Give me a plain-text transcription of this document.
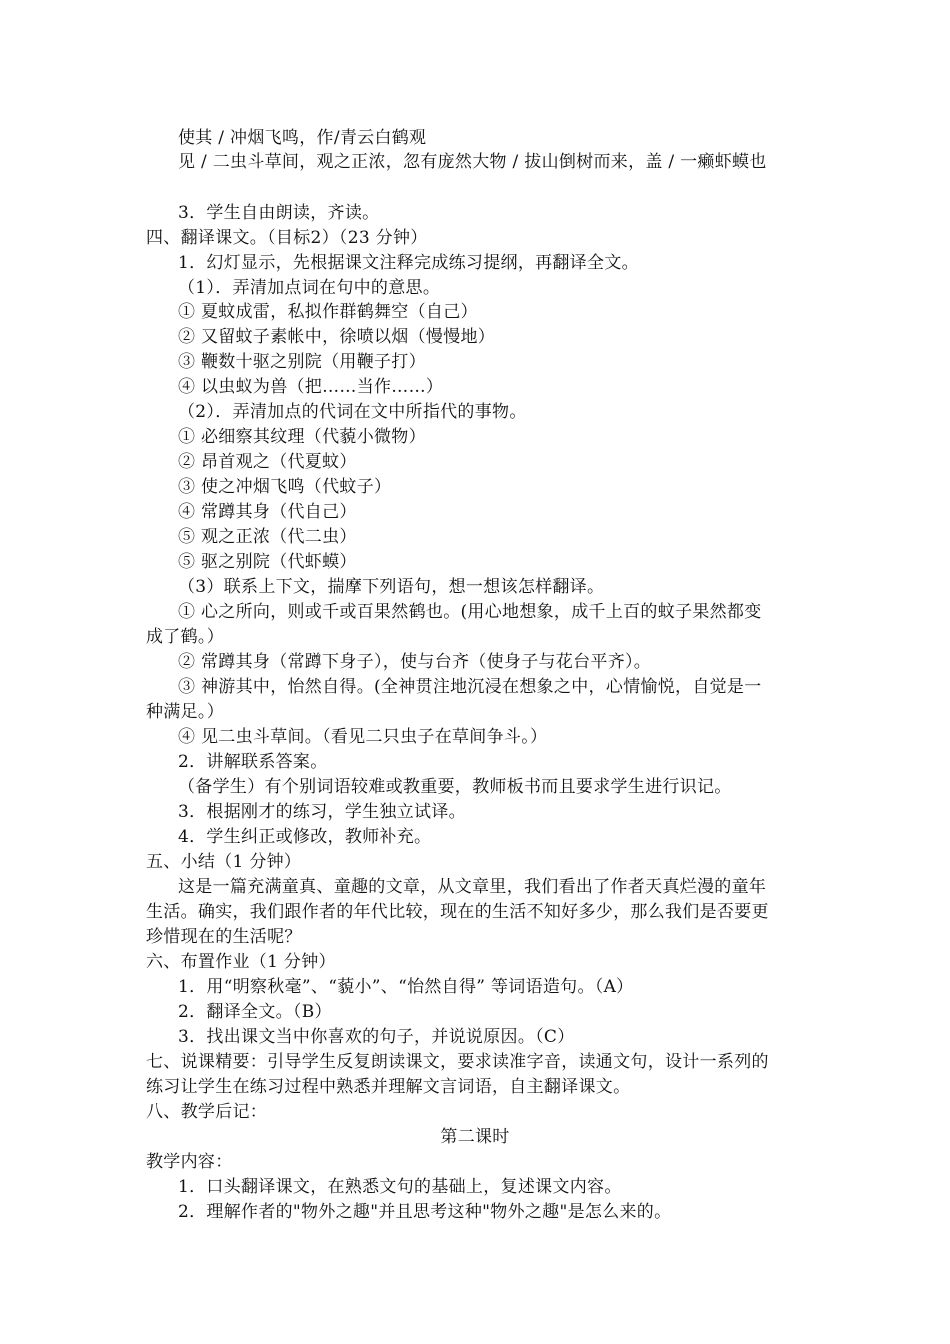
使其 / 冲烟飞鸣，作/青云白鹤观
见 / 二虫斗草间，观之正浓，忽有庞然大物 / 拔山倒树而来，盖 / 一癞虾蟆也
3．学生自由朗读，齐读。
四、翻译课文。（目标2）（23 分钟）
1．幻灯显示，先根据课文注释完成练习提纲，再翻译全文。
（1）．弄清加点词在句中的意思。
① 夏蚊成雷，私拟作群鹤舞空（自己）
② 又留蚊子素帐中，徐喷以烟（慢慢地）
③ 鞭数十驱之别院（用鞭子打）
④ 以虫蚁为兽（把……当作……）
（2）．弄清加点的代词在文中所指代的事物。
① 必细察其纹理（代藐小微物）
② 昂首观之（代夏蚊）
③ 使之冲烟飞鸣（代蚊子）
④ 常蹲其身（代自己）
⑤ 观之正浓（代二虫）
⑤ 驱之别院（代虾蟆）
（3）联系上下文，揣摩下列语句，想一想该怎样翻译。
① 心之所向，则或千或百果然鹤也。(用心地想象，成千上百的蚊子果然都变
成了鹤。）
② 常蹲其身（常蹲下身子），使与台齐（使身子与花台平齐）。
③ 神游其中，怡然自得。(全神贯注地沉浸在想象之中，心情愉悦，自觉是一
种满足。）
④ 见二虫斗草间。（看见二只虫子在草间争斗。）
2．讲解联系答案。
（备学生）有个别词语较难或教重要，教师板书而且要求学生进行识记。
3．根据刚才的练习，学生独立试译。
4．学生纠正或修改，教师补充。
五、小结（1 分钟）
这是一篇充满童真、童趣的文章，从文章里，我们看出了作者天真烂漫的童年
生活。确实，我们跟作者的年代比较，现在的生活不知好多少，那么我们是否要更
珍惜现在的生活呢？
六、布置作业（1 分钟）
1．用“明察秋毫”、“藐小”、“怡然自得” 等词语造句。（A）
2．翻译全文。（B）
3．找出课文当中你喜欢的句子，并说说原因。（C）
七、说课精要：引导学生反复朗读课文，要求读准字音，读通文句，设计一系列的
练习让学生在练习过程中熟悉并理解文言词语，自主翻译课文。
八、教学后记：
第二课时
教学内容：
1．口头翻译课文，在熟悉文句的基础上，复述课文内容。
2．理解作者的"物外之趣"并且思考这种"物外之趣"是怎么来的。
